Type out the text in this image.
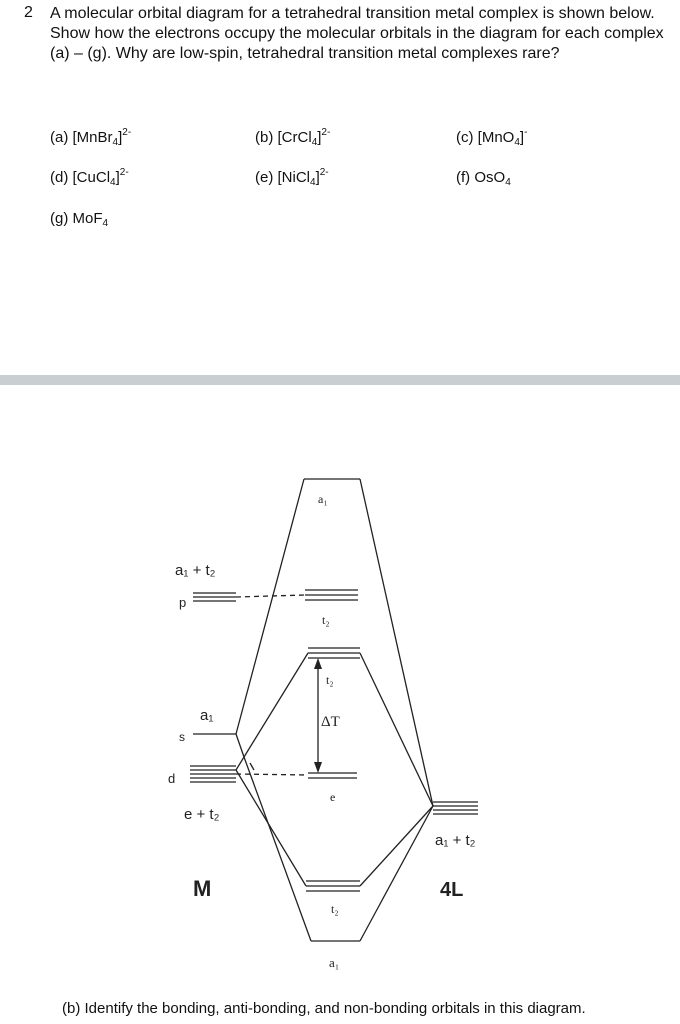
2 A molecular orbital diagram for a tetrahedral transition metal complex is shown below. Show how the electrons occupy the molecular orbitals in the diagram for each complex (a) – (g). Why are low-spin, tetrahedral transition metal complexes rare?
(a) [MnBr$_4$]$^{2-}$	(b) [CrCl$_4$]$^{2-}$	(c) [MnO$_4$]-
(d) [CuCl$_4$]$^{2-}$	(e) [NiCl$_4$]$^{2-}$	(f) OsO$_4$
(g) MoF$_4$
a₁ + t₂
p
a₁
s
d
e + t₂
a₁ + t₂
M	4L
a₁
t₂
t₂
ΔT
e
t₂
a₁
(b) Identify the bonding, anti-bonding, and non-bonding orbitals in this diagram.
